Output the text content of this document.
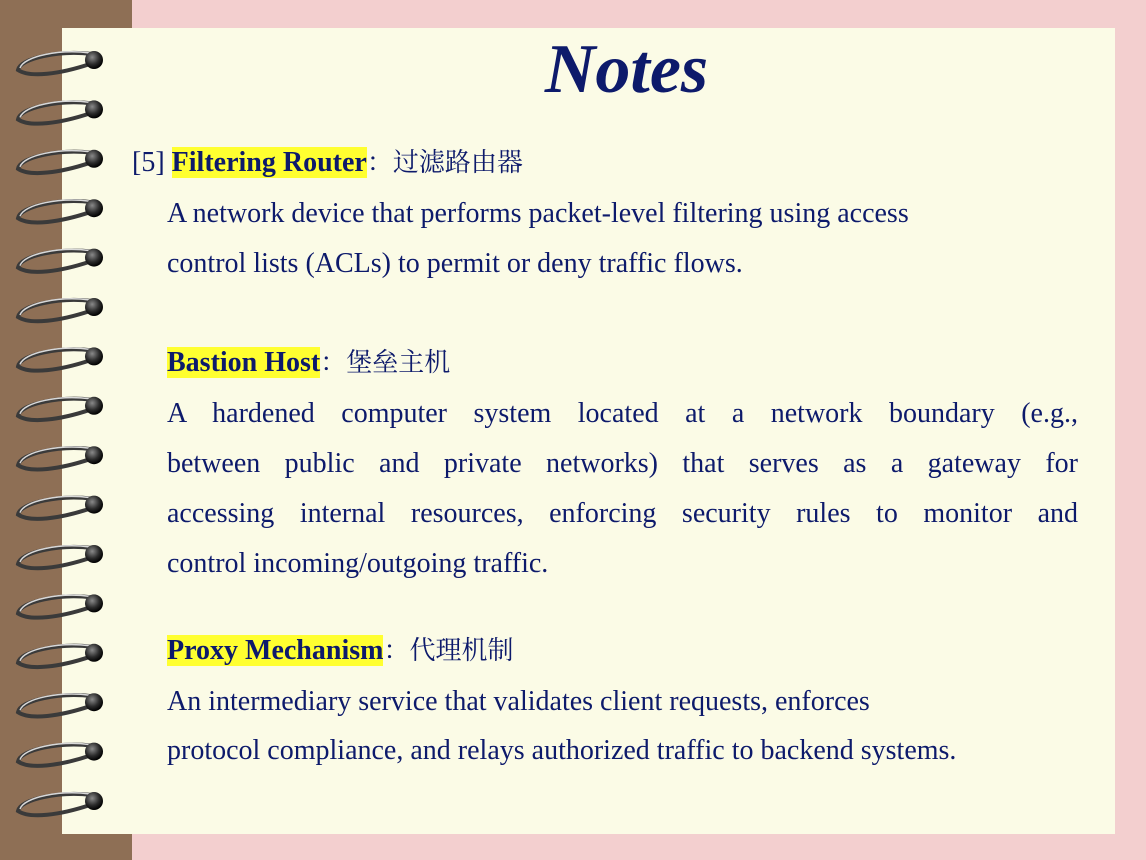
Notes
[5] Filtering Router：过滤路由器
A network device that performs packet-level filtering using access
control lists (ACLs) to permit or deny traffic flows.
Bastion Host：堡垒主机
A hardened computer system located at a network boundary (e.g.,
between public and private networks) that serves as a gateway for
accessing internal resources, enforcing security rules to monitor and
control incoming/outgoing traffic.
Proxy Mechanism：代理机制
An intermediary service that validates client requests, enforces
protocol compliance, and relays authorized traffic to backend systems.
